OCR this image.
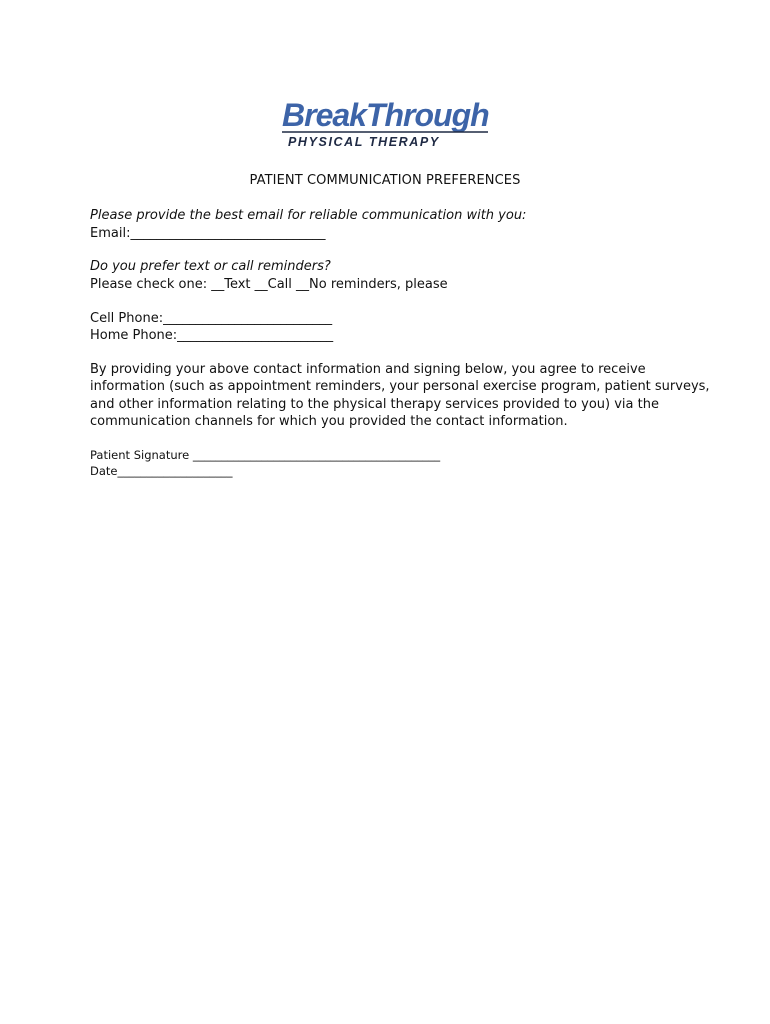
BreakThrough
PHYSICAL THERAPY
PATIENT COMMUNICATION PREFERENCES
Please provide the best email for reliable communication with you:
Email:______________________________
Do you prefer text or call reminders?
Please check one: __Text __Call __No reminders, please
Cell Phone:__________________________
Home Phone:________________________
By providing your above contact information and signing below, you agree to receive
information (such as appointment reminders, your personal exercise program, patient surveys,
and other information relating to the physical therapy services provided to you) via the
communication channels for which you provided the contact information.
Patient Signature ___________________________________________
Date____________________
